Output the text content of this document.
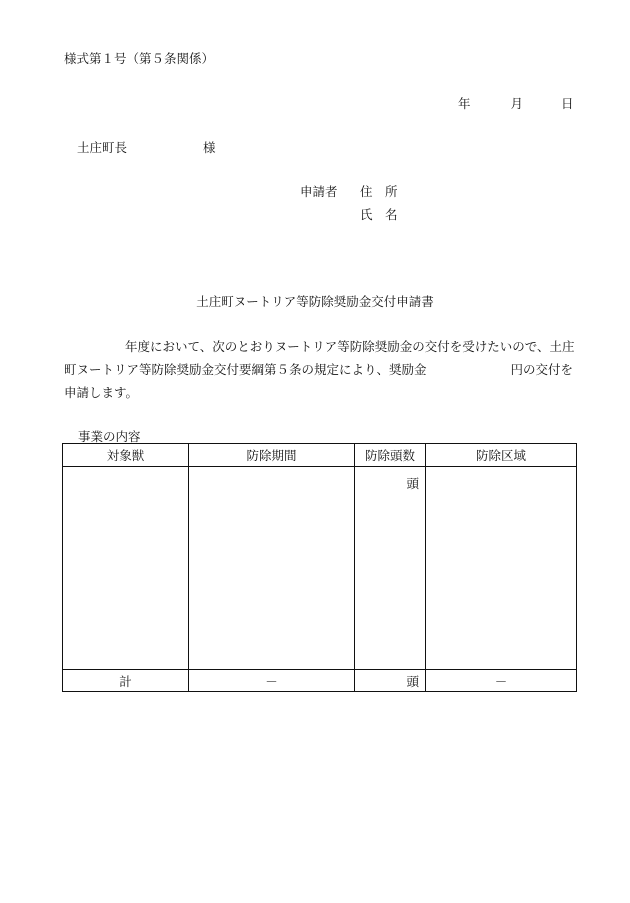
様式第１号（第５条関係）
年	月	日
土庄町長	様
申請者 住　所
氏　名
土庄町ヌートリア等防除奨励金交付申請書
年度において、次のとおりヌートリア等防除奨励金の交付を受けたいので、土庄
町ヌートリア等防除奨励金交付要綱第５条の規定により、奨励金	円の交付を
申請します。
事業の内容
対象獣	防除期間	防除頭数	防除区域

		頭	

計	－	頭	－
